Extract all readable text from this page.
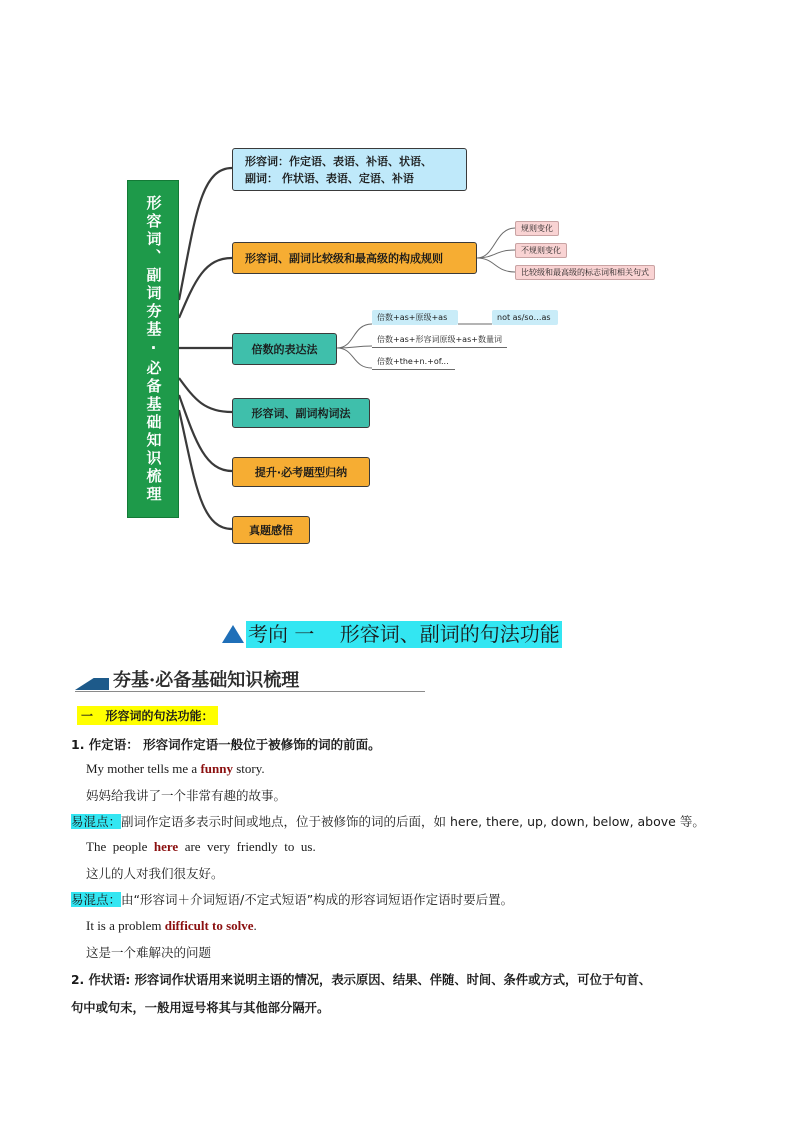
形容词、副词夯基·必备基础知识梳理
形容词：作定语、表语、补语、状语、
副词： 作状语、表语、定语、补语
形容词、副词比较级和最高级的构成规则
倍数的表达法
形容词、副词构词法
提升·必考题型归纳
真题感悟
规则变化
不规则变化
比较级和最高级的标志词和相关句式
倍数+as+原级+as	not as/so…as
倍数+as+形容词原级+as+数量词
倍数+the+n.+of...
考向 一    形容词、副词的句法功能
夯基·必备基础知识梳理
一   形容词的句法功能：
1. 作定语： 形容词作定语一般位于被修饰的词的前面。
My mother tells me a funny story.
妈妈给我讲了一个非常有趣的故事。
易混点：副词作定语多表示时间或地点，位于被修饰的词的后面，如 here, there, up, down, below, above 等。
The  people  here  are  very  friendly  to  us.
这儿的人对我们很友好。
易混点：由“形容词＋介词短语/不定式短语”构成的形容词短语作定语时要后置。
It is a problem difficult to solve.
这是一个难解决的问题
2. 作状语: 形容词作状语用来说明主语的情况，表示原因、结果、伴随、时间、条件或方式，可位于句首、
句中或句末，一般用逗号将其与其他部分隔开。
